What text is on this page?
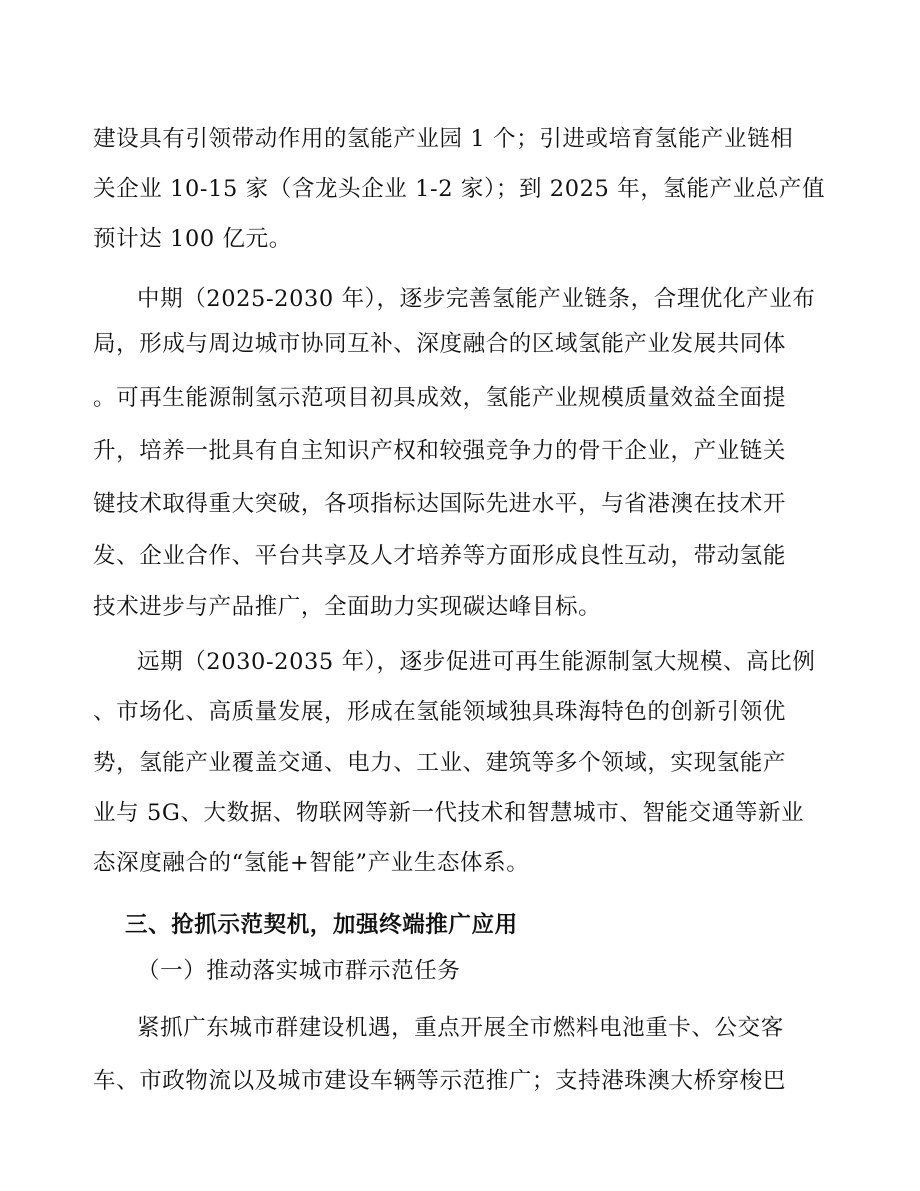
建设具有引领带动作用的氢能产业园 1 个；引进或培育氢能产业链相
关企业 10-15 家（含龙头企业 1-2 家）；到 2025 年，氢能产业总产值
预计达 100 亿元。
中期（2025-2030 年），逐步完善氢能产业链条，合理优化产业布
局，形成与周边城市协同互补、深度融合的区域氢能产业发展共同体
。可再生能源制氢示范项目初具成效，氢能产业规模质量效益全面提
升，培养一批具有自主知识产权和较强竞争力的骨干企业，产业链关
键技术取得重大突破，各项指标达国际先进水平，与省港澳在技术开
发、企业合作、平台共享及人才培养等方面形成良性互动，带动氢能
技术进步与产品推广，全面助力实现碳达峰目标。
远期（2030-2035 年），逐步促进可再生能源制氢大规模、高比例
、市场化、高质量发展，形成在氢能领域独具珠海特色的创新引领优
势，氢能产业覆盖交通、电力、工业、建筑等多个领域，实现氢能产
业与 5G、大数据、物联网等新一代技术和智慧城市、智能交通等新业
态深度融合的“氢能+智能”产业生态体系。
三、抢抓示范契机，加强终端推广应用
（一）推动落实城市群示范任务
紧抓广东城市群建设机遇，重点开展全市燃料电池重卡、公交客
车、市政物流以及城市建设车辆等示范推广；支持港珠澳大桥穿梭巴
